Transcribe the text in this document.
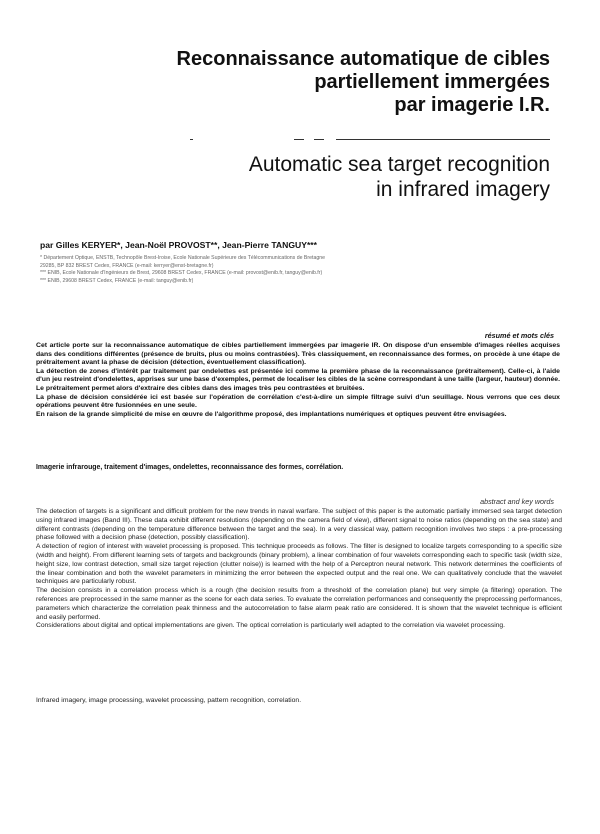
Reconnaissance automatique de cibles
partiellement immergées
par imagerie I.R.
Automatic sea target recognition
in infrared imagery
par Gilles KERYER*, Jean-Noël PROVOST**, Jean-Pierre TANGUY***
* Département Optique, ENSTB, Technopôle Brest-Iroise, Ecole Nationale Supérieure des Télécommunications de Bretagne
29285, BP 832 BREST Cedex, FRANCE (e-mail: kerryer@enst-bretagne.fr)
*** ENIB, Ecole Nationale d'Ingénieurs de Brest, 29608 BREST Cedex, FRANCE (e-mail: provost@enib.fr, tanguy@enib.fr)
*** ENIB, 29608 BREST Cedex, FRANCE (e-mail: tanguy@enib.fr)
résumé et mots clés

Cet article porte sur la reconnaissance automatique de cibles partiellement immergées par imagerie IR. On dispose d'un ensemble d'images réelles acquises dans des conditions différentes (présence de bruits, plus ou moins contrastées). Très classiquement, en reconnaissance des formes, on procède à une étape de prétraitement avant la phase de décision (détection, éventuellement classification).

La détection de zones d'intérêt par traitement par ondelettes est présentée ici comme la première phase de la reconnaissance (prétraitement). Celle-ci, à l'aide d'un jeu restreint d'ondelettes, apprises sur une base d'exemples, permet de localiser les cibles de la scène correspondant à une taille (largeur, hauteur) donnée. Le prétraitement permet alors d'extraire des cibles dans des images très peu contrastées et bruitées.

La phase de décision considérée ici est basée sur l'opération de corrélation c'est-à-dire un simple filtrage suivi d'un seuillage. Nous verrons que ces deux opérations peuvent être fusionnées en une seule.

En raison de la grande simplicité de mise en œuvre de l'algorithme proposé, des implantations numériques et optiques peuvent être envisagées.

Imagerie infrarouge, traitement d'images, ondelettes, reconnaissance des formes, corrélation.
abstract and key words

The detection of targets is a significant and difficult problem for the new trends in naval warfare. The subject of this paper is the automatic partially immersed sea target detection using infrared images (Band III). These data exhibit different resolutions (depending on the camera field of view), different signal to noise ratios (depending on the sea state) and different contrasts (depending on the temperature difference between the target and the sea). In a very classical way, pattern recognition involves two steps : a pre-processing phase followed with a decision phase (detection, possibly classification).

A detection of region of interest with wavelet processing is proposed. This technique proceeds as follows. The filter is designed to localize targets corresponding to a specific size (width and height). From different learning sets of targets and backgrounds (binary problem), a linear combination of four wavelets corresponding each to specific task (width size, height size, low contrast detection, small size target rejection (clutter noise)) is learned with the help of a Perceptron neural network. This network determines the coefficients of the linear combination and both the wavelet parameters in minimizing the error between the expected output and the real one. We can qualitatively conclude that the wavelet techniques are particularly robust.

The decision consists in a correlation process which is a rough (the decision results from a threshold of the correlation plane) but very simple (a filtering) operation. The references are preprocessed in the same manner as the scene for each data series. To evaluate the correlation performances and consequently the preprocessing performances, parameters which characterize the correlation peak thinness and the autocorrelation to false alarm peak ratio are considered. It is shown that the wavelet technique is efficient and easily performed.

Considerations about digital and optical implementations are given. The optical correlation is particularly well adapted to the correlation via wavelet processing.

Infrared imagery, image processing, wavelet processing, pattern recognition, correlation.
